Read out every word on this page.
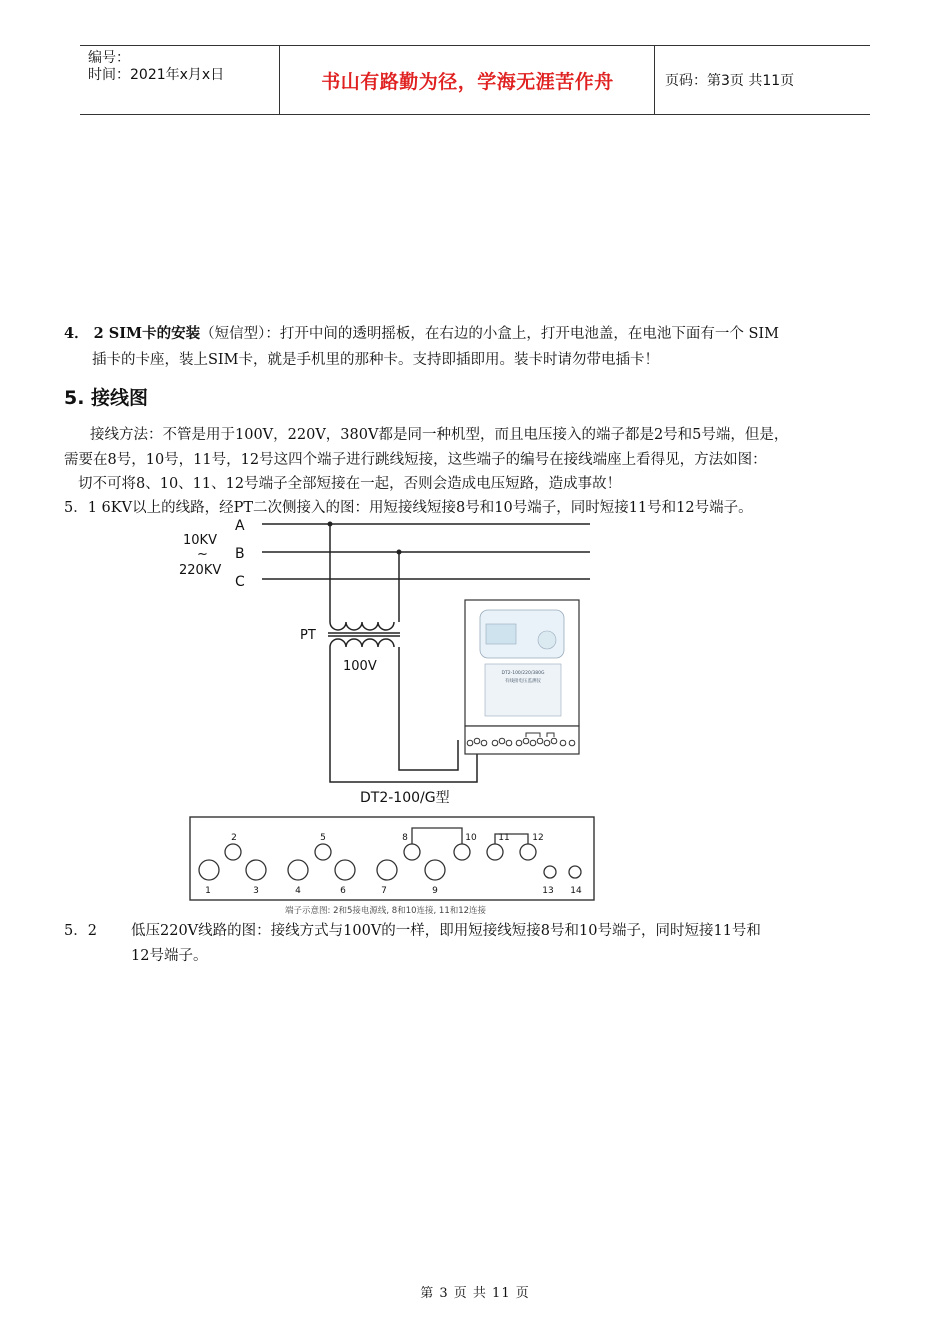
编号：
时间：2021年x月x日	书山有路勤为径，学海无涯苦作舟	页码：第3页 共11页
4． 2 SIM卡的安装（短信型）：打开中间的透明摇板，在右边的小盒上，打开电池盖，在电池下面有一个 SIM
插卡的卡座，装上SIM卡，就是手机里的那种卡。支持即插即用。装卡时请勿带电插卡！
5. 接线图
接线方法：不管是用于100V，220V，380V都是同一种机型，而且电压接入的端子都是2号和5号端，但是，
需要在8号，10号，11号，12号这四个端子进行跳线短接，这些端子的编号在接线端座上看得见，方法如图：
切不可将8、10、11、12号端子全部短接在一起，否则会造成电压短路，造成事故！
5．1 6KV以上的线路，经PT二次侧接入的图：用短接线短接8号和10号端子，同时短接11号和12号端子。
A
B
C
10KV
~
220KV
PT
100V
DT2-100/G型
DT2-100/220/380G
有线接电压监测仪
2	5	8	10 11	12
1	3	4	6	7	9	13 14
端子示意图: 2和5接电源线, 8和10连接, 11和12连接
5．2 低压220V线路的图：接线方式与100V的一样，即用短接线短接8号和10号端子，同时短接11号和
12号端子。
第 3 页 共 11 页
